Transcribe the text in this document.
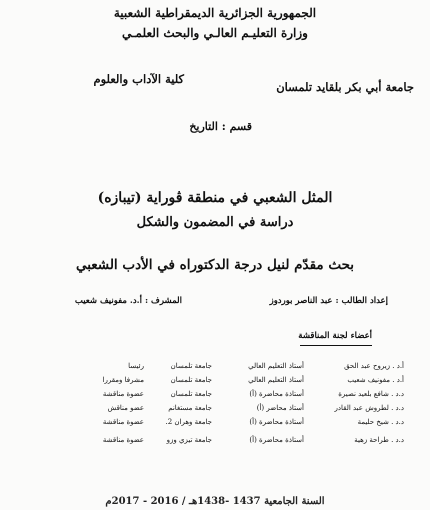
الجمهورية الجزائرية الديمقراطية الشعبية
وزارة التعليـم العالـي والبحث العلمـي
جامعة أبي بكر بلقايد تلمسان
كلية الآداب والعلوم
قسم : التاريخ
المثل الشعبي في منطقة ڤوراية (تيبازه)
دراسة في المضمون والشكل
بحث مقدّم لنيل درجة الدكتوراه في الأدب الشعبي
إعداد الطالب : عبد الناصر بوردوز
المشرف : أ.د. مفونيف شعيب
أعضاء لجنة المناقشة
أ.د . زيروح عبد الحق
أستاذ التعليم العالي
جامعة تلمسان
رئيسا
أ.د . مفونيف شعيب
أستاذ التعليم العالي
جامعة تلمسان
مشرفا ومقررا
د.د . شافع بلعيد نصيرة
أستاذة محاضرة (أ)
جامعة تلمسان
عضوة مناقشة
د.د . لطروش عبد القادر
أستاذ محاضر (أ)
جامعة مستغانم
عضو مناقش
د.د . شيخ حليمة
أستاذة محاضرة (أ)
جامعة وهران 2.
عضوة مناقشة
د.د . طراحة زهية
أستاذة محاضرة (أ)
جامعة تيزي وزو
عضوة مناقشة
السنة الجامعية 1437 -1438هـ / 2016 - 2017م
